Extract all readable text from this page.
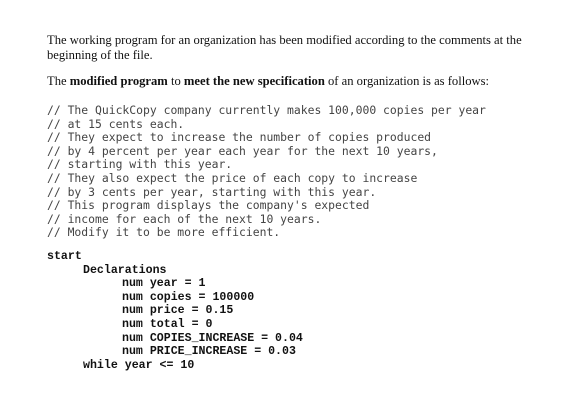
The working program for an organization has been modified according to the comments at the beginning of the file.

The modified program to meet the new specification of an organization is as follows:

// The QuickCopy company currently makes 100,000 copies per year
// at 15 cents each.
// They expect to increase the number of copies produced
// by 4 percent per year each year for the next 10 years,
// starting with this year.
// They also expect the price of each copy to increase
// by 3 cents per year, starting with this year.
// This program displays the company's expected
// income for each of the next 10 years.
// Modify it to be more efficient.
start
Declarations
num year = 1
num copies = 100000
num price = 0.15
num total = 0
num COPIES_INCREASE = 0.04
num PRICE_INCREASE = 0.03
while year <= 10
